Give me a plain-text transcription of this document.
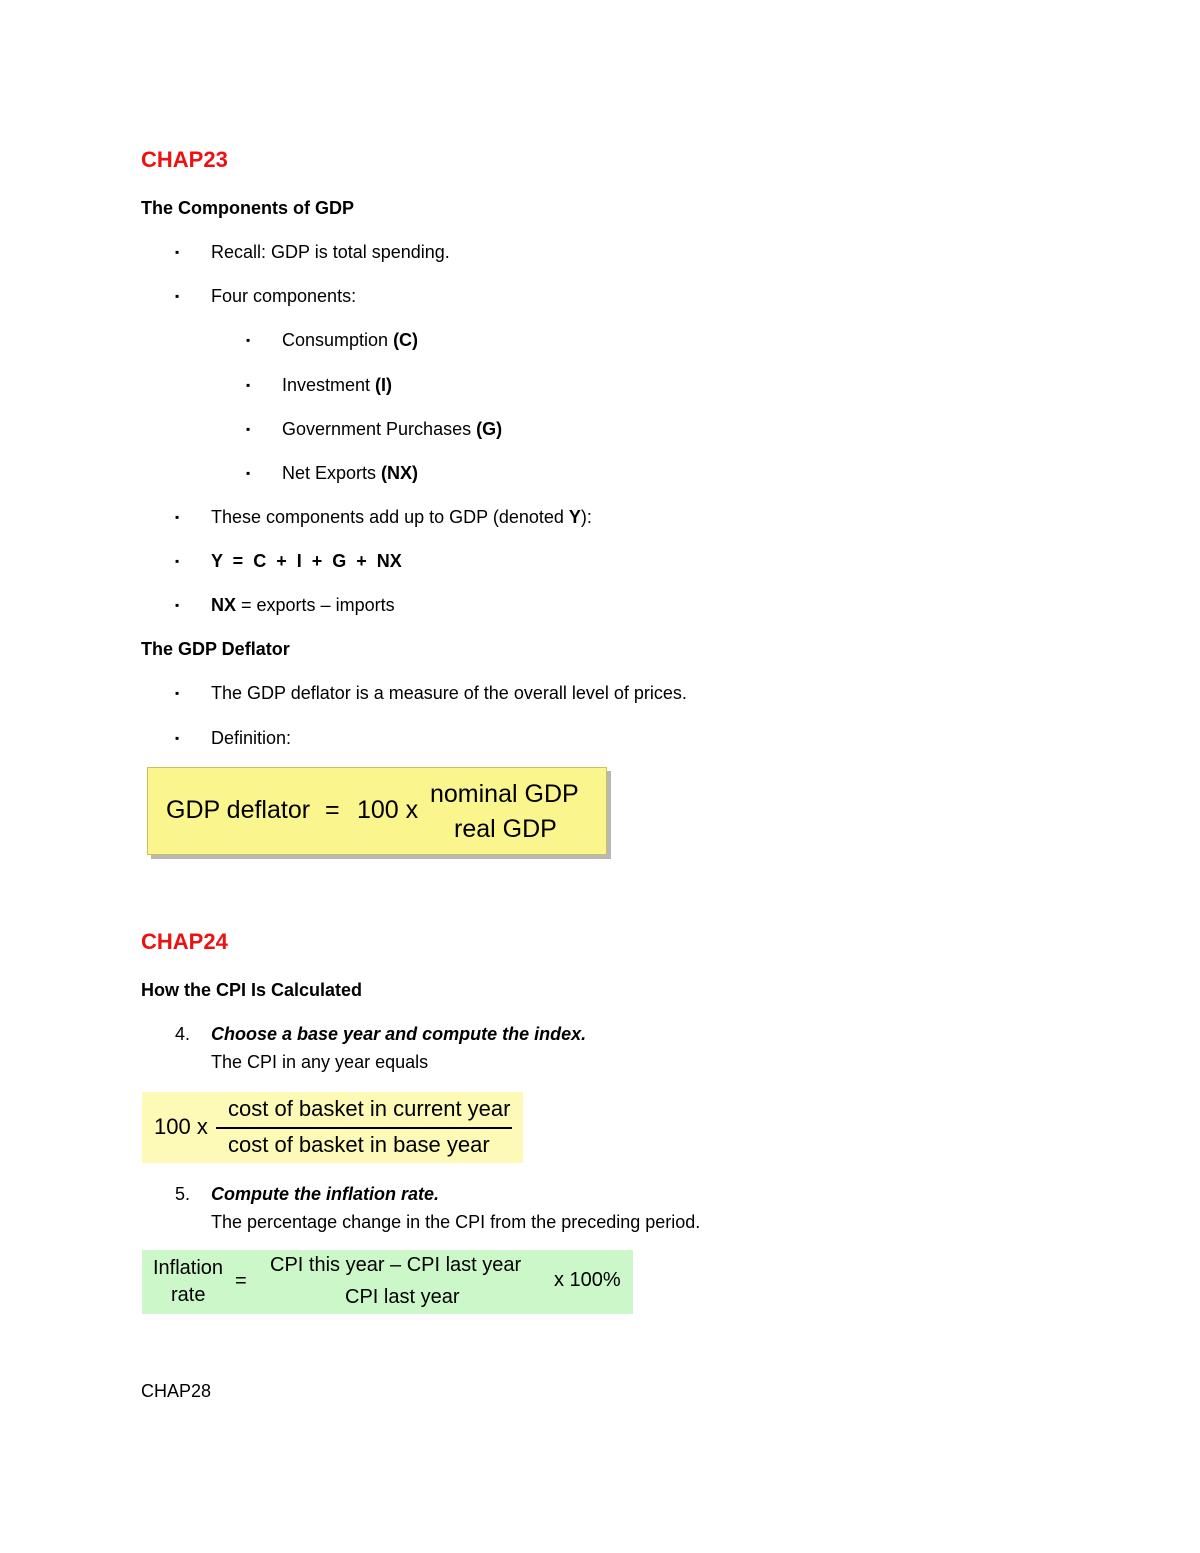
CHAP23
The Components of GDP
▪ Recall: GDP is total spending.
▪ Four components:
▪ Consumption (C)
▪ Investment (I)
▪ Government Purchases (G)
▪ Net Exports (NX)
▪ These components add up to GDP (denoted Y):
▪ Y  =  C  +  I  +  G  +  NX
▪ NX = exports – imports
The GDP Deflator
▪ The GDP deflator is a measure of the overall level of prices.
▪ Definition:
GDP deflator = 100 x
nominal GDP
real GDP
CHAP24
How the CPI Is Calculated
4. Choose a base year and compute the index.
The CPI in any year equals
100 x
cost of basket in current year
cost of basket in base year
5. Compute the inflation rate.
The percentage change in the CPI from the preceding period.
Inflation
rate
=
CPI this year – CPI last year
CPI last year
x 100%
CHAP28
